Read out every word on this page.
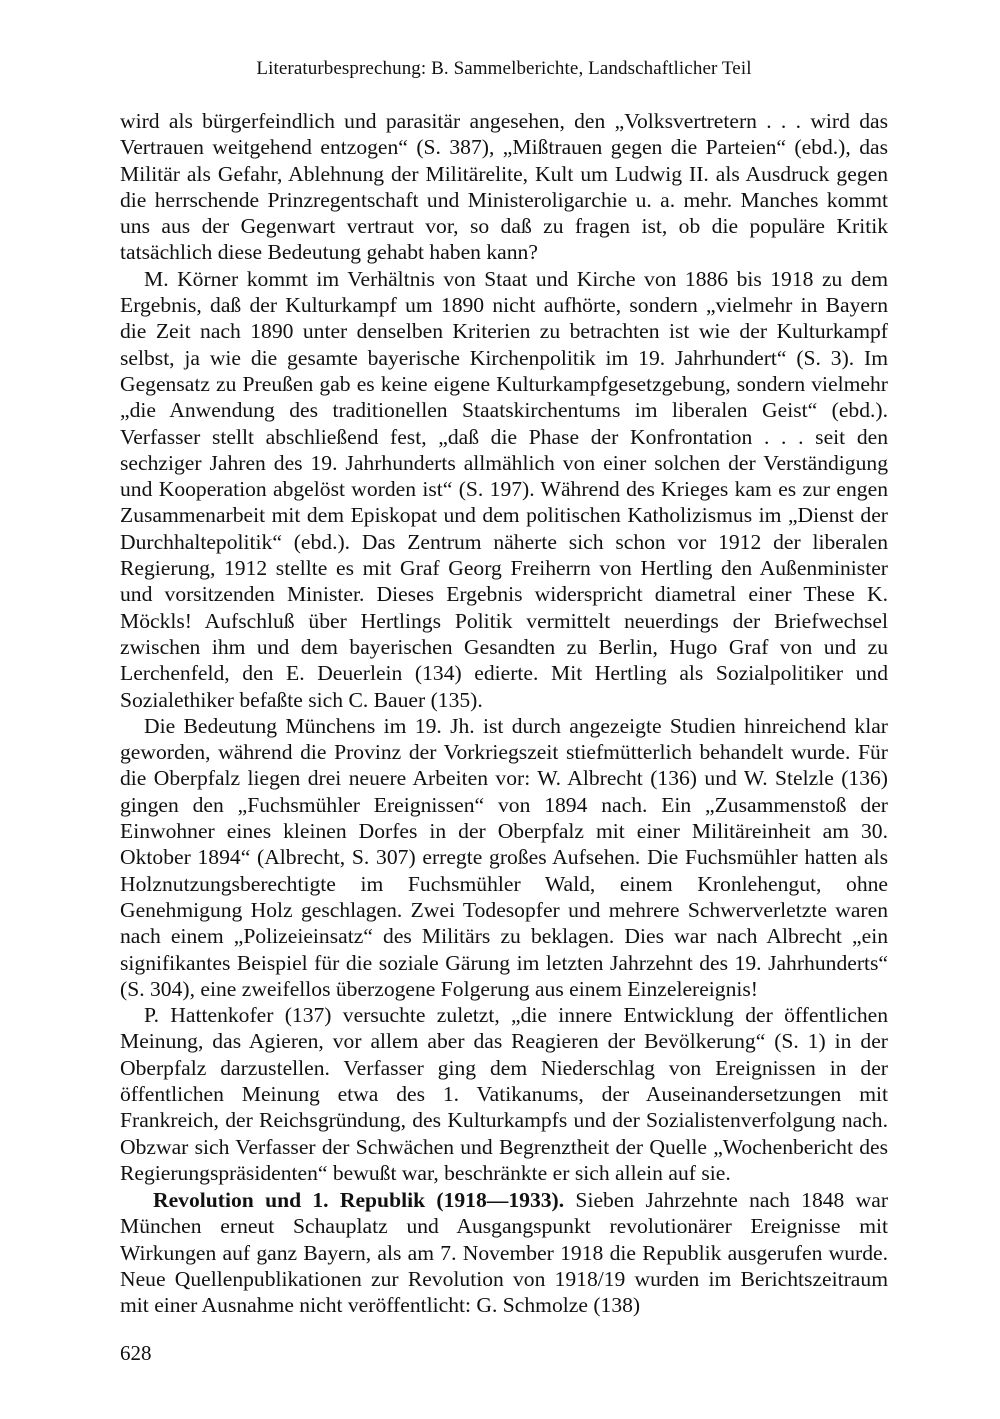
Literaturbesprechung: B. Sammelberichte, Landschaftlicher Teil

wird als bürgerfeindlich und parasitär angesehen, den „Volksvertretern . . . wird das Vertrauen weitgehend entzogen“ (S. 387), „Mißtrauen gegen die Parteien“ (ebd.), das Militär als Gefahr, Ablehnung der Militärelite, Kult um Ludwig II. als Ausdruck gegen die herrschende Prinzregentschaft und Ministeroligarchie u. a. mehr. Manches kommt uns aus der Gegenwart vertraut vor, so daß zu fragen ist, ob die populäre Kritik tatsächlich diese Bedeutung gehabt haben kann?

M. Körner kommt im Verhältnis von Staat und Kirche von 1886 bis 1918 zu dem Ergebnis, daß der Kulturkampf um 1890 nicht aufhörte, sondern „vielmehr in Bayern die Zeit nach 1890 unter denselben Kriterien zu betrachten ist wie der Kulturkampf selbst, ja wie die gesamte bayerische Kirchenpolitik im 19. Jahrhundert“ (S. 3). Im Gegensatz zu Preußen gab es keine eigene Kulturkampfgesetzgebung, sondern vielmehr „die Anwendung des traditionellen Staatskirchentums im liberalen Geist“ (ebd.). Verfasser stellt abschließend fest, „daß die Phase der Konfrontation . . . seit den sechziger Jahren des 19. Jahrhunderts allmählich von einer solchen der Verständigung und Kooperation abgelöst worden ist“ (S. 197). Während des Krieges kam es zur engen Zusammenarbeit mit dem Episkopat und dem politischen Katholizismus im „Dienst der Durchhaltepolitik“ (ebd.). Das Zentrum näherte sich schon vor 1912 der liberalen Regierung, 1912 stellte es mit Graf Georg Freiherrn von Hertling den Außenminister und vorsitzenden Minister. Dieses Ergebnis widerspricht diametral einer These K. Möckls! Aufschluß über Hertlings Politik vermittelt neuerdings der Briefwechsel zwischen ihm und dem bayerischen Gesandten zu Berlin, Hugo Graf von und zu Lerchenfeld, den E. Deuerlein (134) edierte. Mit Hertling als Sozialpolitiker und Sozialethiker befaßte sich C. Bauer (135).

Die Bedeutung Münchens im 19. Jh. ist durch angezeigte Studien hinreichend klar geworden, während die Provinz der Vorkriegszeit stiefmütterlich behandelt wurde. Für die Oberpfalz liegen drei neuere Arbeiten vor: W. Albrecht (136) und W. Stelzle (136) gingen den „Fuchsmühler Ereignissen“ von 1894 nach. Ein „Zusammenstoß der Einwohner eines kleinen Dorfes in der Oberpfalz mit einer Militäreinheit am 30. Oktober 1894“ (Albrecht, S. 307) erregte großes Aufsehen. Die Fuchsmühler hatten als Holznutzungsberechtigte im Fuchsmühler Wald, einem Kronlehengut, ohne Genehmigung Holz geschlagen. Zwei Todesopfer und mehrere Schwerverletzte waren nach einem „Polizeieinsatz“ des Militärs zu beklagen. Dies war nach Albrecht „ein signifikantes Beispiel für die soziale Gärung im letzten Jahrzehnt des 19. Jahrhunderts“ (S. 304), eine zweifellos überzogene Folgerung aus einem Einzelereignis!

P. Hattenkofer (137) versuchte zuletzt, „die innere Entwicklung der öffentlichen Meinung, das Agieren, vor allem aber das Reagieren der Bevölkerung“ (S. 1) in der Oberpfalz darzustellen. Verfasser ging dem Niederschlag von Ereignissen in der öffentlichen Meinung etwa des 1. Vatikanums, der Auseinandersetzungen mit Frankreich, der Reichsgründung, des Kulturkampfs und der Sozialistenverfolgung nach. Obzwar sich Verfasser der Schwächen und Begrenztheit der Quelle „Wochenbericht des Regierungspräsidenten“ bewußt war, beschränkte er sich allein auf sie.

Revolution und 1. Republik (1918—1933). Sieben Jahrzehnte nach 1848 war München erneut Schauplatz und Ausgangspunkt revolutionärer Ereignisse mit Wirkungen auf ganz Bayern, als am 7. November 1918 die Republik ausgerufen wurde. Neue Quellenpublikationen zur Revolution von 1918/19 wurden im Berichtszeitraum mit einer Ausnahme nicht veröffentlicht: G. Schmolze (138)
628
